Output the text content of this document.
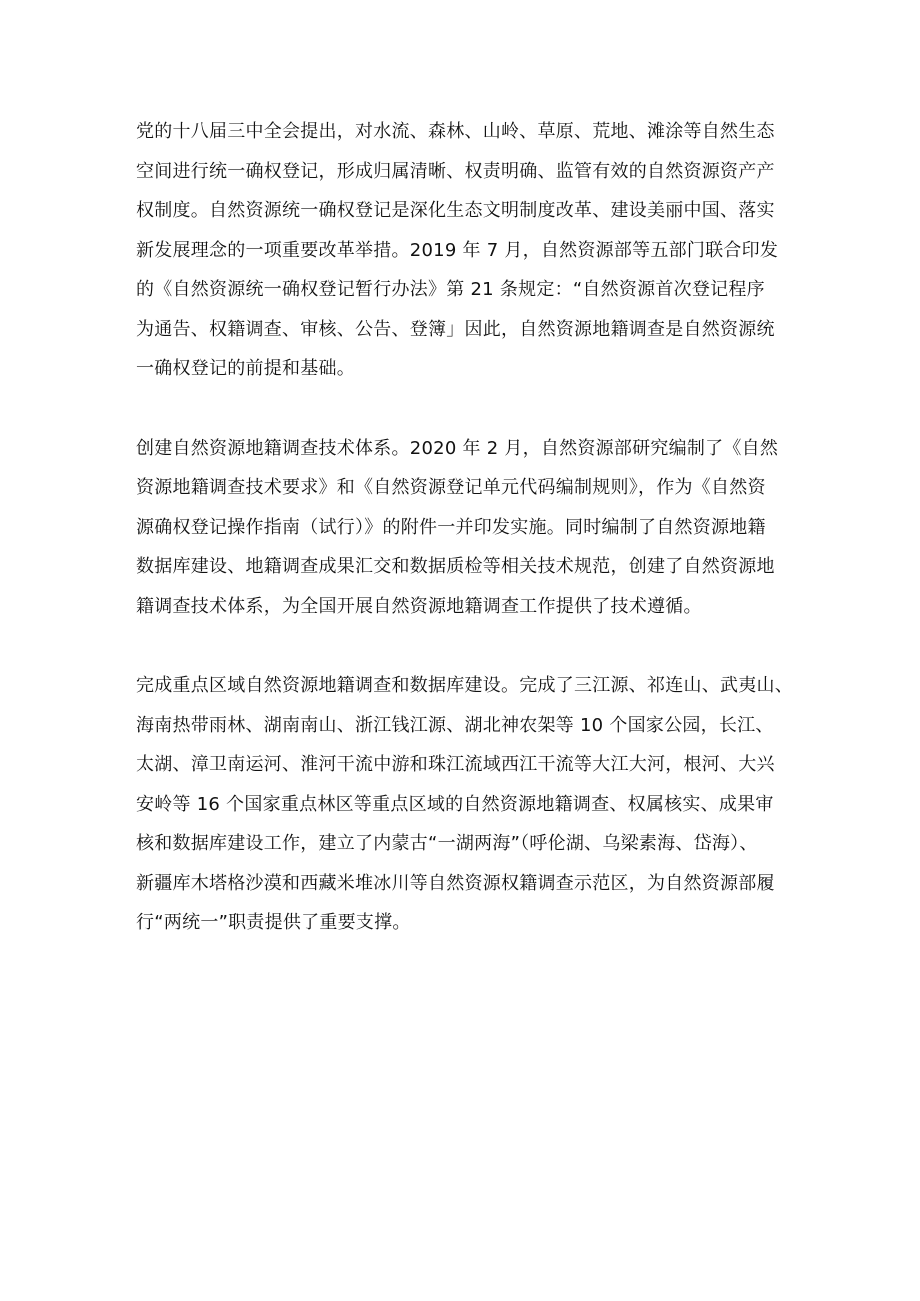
党的十八届三中全会提出，对水流、森林、山岭、草原、荒地、滩涂等自然生态
空间进行统一确权登记，形成归属清晰、权责明确、监管有效的自然资源资产产
权制度。自然资源统一确权登记是深化生态文明制度改革、建设美丽中国、落实
新发展理念的一项重要改革举措。2019 年 7 月，自然资源部等五部门联合印发
的《自然资源统一确权登记暂行办法》第 21 条规定：“自然资源首次登记程序
为通告、权籍调查、审核、公告、登簿」因此，自然资源地籍调查是自然资源统
一确权登记的前提和基础。

创建自然资源地籍调查技术体系。2020 年 2 月，自然资源部研究编制了《自然
资源地籍调查技术要求》和《自然资源登记单元代码编制规则》，作为《自然资
源确权登记操作指南（试行）》的附件一并印发实施。同时编制了自然资源地籍
数据库建设、地籍调查成果汇交和数据质检等相关技术规范，创建了自然资源地
籍调查技术体系，为全国开展自然资源地籍调查工作提供了技术遵循。

完成重点区域自然资源地籍调查和数据库建设。完成了三江源、祁连山、武夷山、
海南热带雨林、湖南南山、浙江钱江源、湖北神农架等 10 个国家公园，长江、
太湖、漳卫南运河、淮河干流中游和珠江流域西江干流等大江大河，根河、大兴
安岭等 16 个国家重点林区等重点区域的自然资源地籍调查、权属核实、成果审
核和数据库建设工作，建立了内蒙古“一湖两海”（呼伦湖、乌梁素海、岱海）、
新疆库木塔格沙漠和西藏米堆冰川等自然资源权籍调查示范区，为自然资源部履
行“两统一”职责提供了重要支撑。
